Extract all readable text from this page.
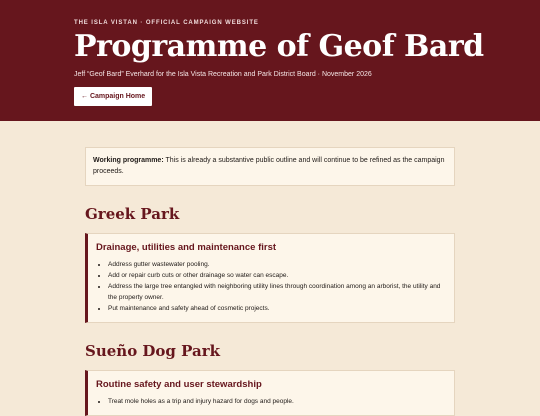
THE ISLA VISTAN · OFFICIAL CAMPAIGN WEBSITE
Programme of Geof Bard
Jeff “Geof Bard” Everhard for the Isla Vista Recreation and Park District Board · November 2026
← Campaign Home
Working programme: This is already a substantive public outline and will continue to be refined as the campaign proceeds.
Greek Park
Drainage, utilities and maintenance first
• Address gutter wastewater pooling.
• Add or repair curb cuts or other drainage so water can escape.
• Address the large tree entangled with neighboring utility lines through coordination among an arborist, the utility and the property owner.
• Put maintenance and safety ahead of cosmetic projects.
Sueño Dog Park
Routine safety and user stewardship
• Treat mole holes as a trip and injury hazard for dogs and people.
